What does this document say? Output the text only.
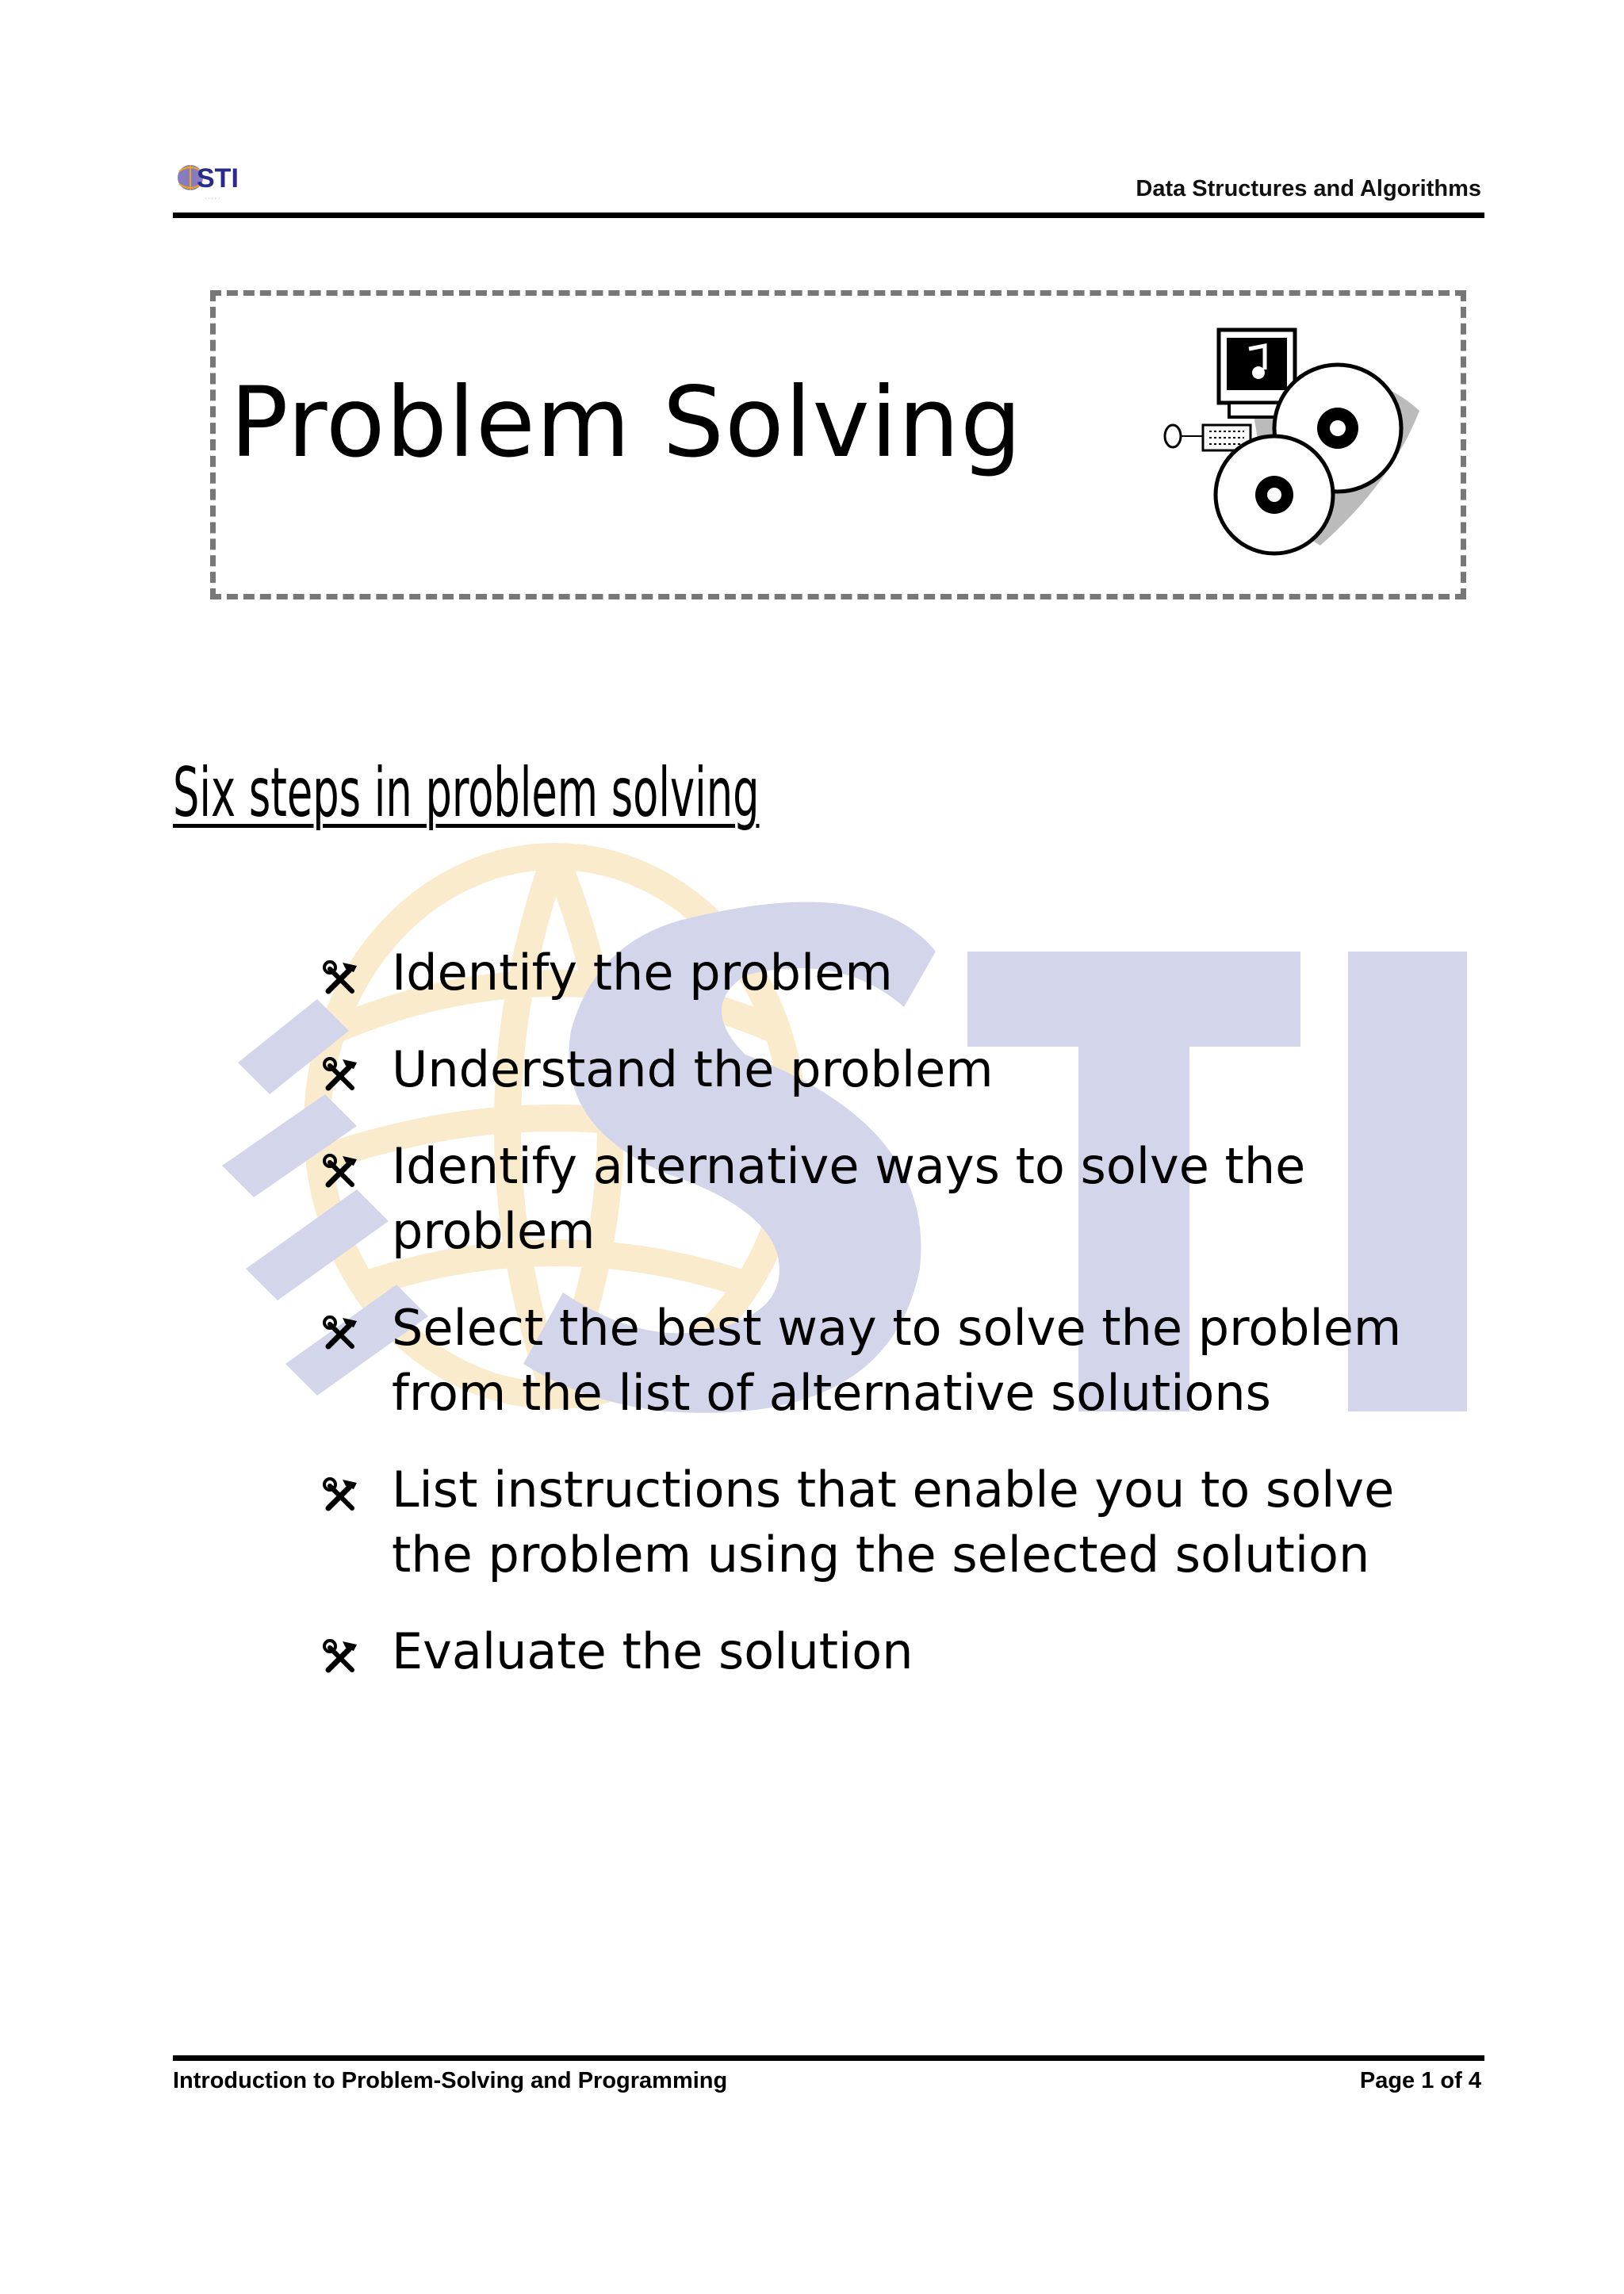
STI
· · · · ·	Data Structures and Algorithms
Problem Solving
Six steps in problem solving
Identify the problem
Understand the problem
Identify alternative ways to solve the problem
Select the best way to solve the problem from the list of alternative solutions
List instructions that enable you to solve the problem using the selected solution
Evaluate the solution
Introduction to Problem-Solving and Programming	Page 1 of 4
